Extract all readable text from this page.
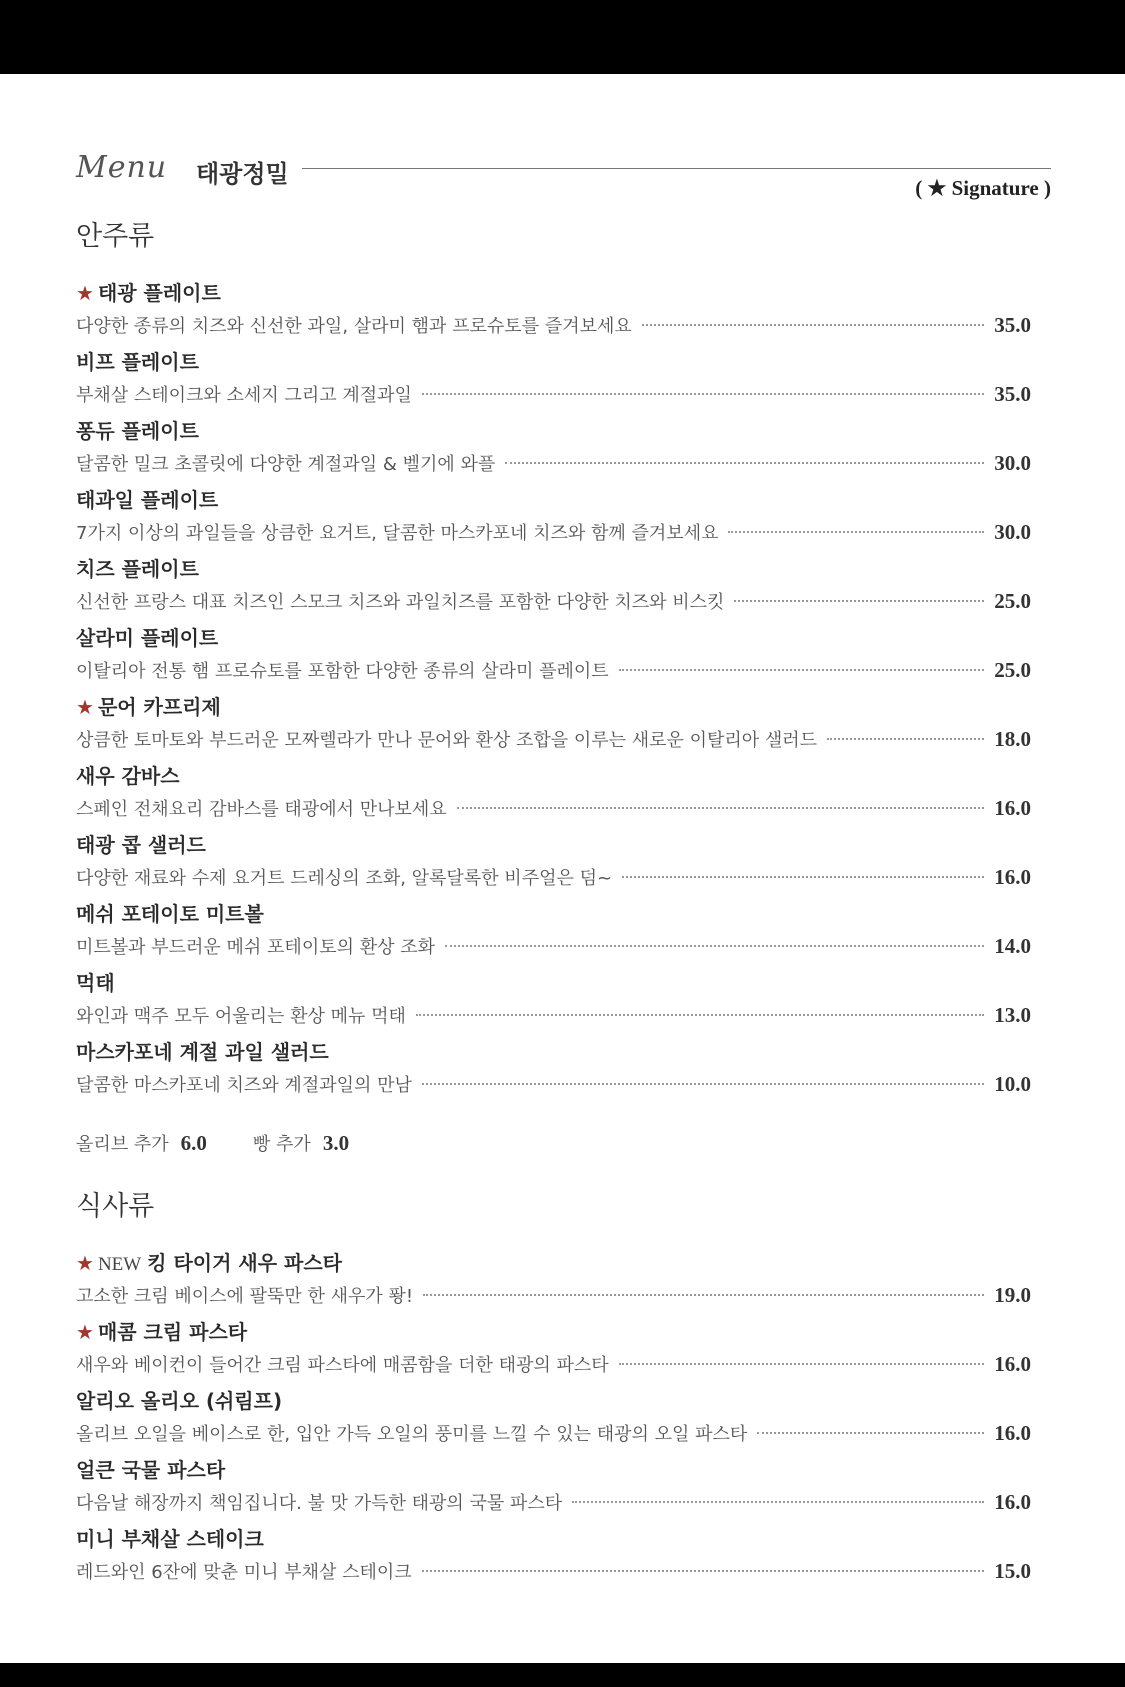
Menu 태광정밀	( ★ Signature )
안주류
★ 태광 플레이트
다양한 종류의 치즈와 신선한 과일, 살라미 햄과 프로슈토를 즐겨보세요	35.0
비프 플레이트
부채살 스테이크와 소세지 그리고 계절과일	35.0
퐁듀 플레이트
달콤한 밀크 초콜릿에 다양한 계절과일 & 벨기에 와플	30.0
태과일 플레이트
7가지 이상의 과일들을 상큼한 요거트, 달콤한 마스카포네 치즈와 함께 즐겨보세요	30.0
치즈 플레이트
신선한 프랑스 대표 치즈인 스모크 치즈와 과일치즈를 포함한 다양한 치즈와 비스킷	25.0
살라미 플레이트
이탈리아 전통 햄 프로슈토를 포함한 다양한 종류의 살라미 플레이트	25.0
★ 문어 카프리제
상큼한 토마토와 부드러운 모짜렐라가 만나 문어와 환상 조합을 이루는 새로운 이탈리아 샐러드	18.0
새우 감바스
스페인 전채요리 감바스를 태광에서 만나보세요	16.0
태광 콥 샐러드
다양한 재료와 수제 요거트 드레싱의 조화, 알록달록한 비주얼은 덤~	16.0
메쉬 포테이토 미트볼
미트볼과 부드러운 메쉬 포테이토의 환상 조화	14.0
먹태
와인과 맥주 모두 어울리는 환상 메뉴 먹태	13.0
마스카포네 계절 과일 샐러드
달콤한 마스카포네 치즈와 계절과일의 만남	10.0
올리브 추가 6.0	빵 추가 3.0
식사류
★ NEW 킹 타이거 새우 파스타
고소한 크림 베이스에 팔뚝만 한 새우가 퐝!	19.0
★ 매콤 크림 파스타
새우와 베이컨이 들어간 크림 파스타에 매콤함을 더한 태광의 파스타	16.0
알리오 올리오 (쉬림프)
올리브 오일을 베이스로 한, 입안 가득 오일의 풍미를 느낄 수 있는 태광의 오일 파스타	16.0
얼큰 국물 파스타
다음날 해장까지 책임집니다. 불 맛 가득한 태광의 국물 파스타	16.0
미니 부채살 스테이크
레드와인 6잔에 맞춘 미니 부채살 스테이크	15.0
